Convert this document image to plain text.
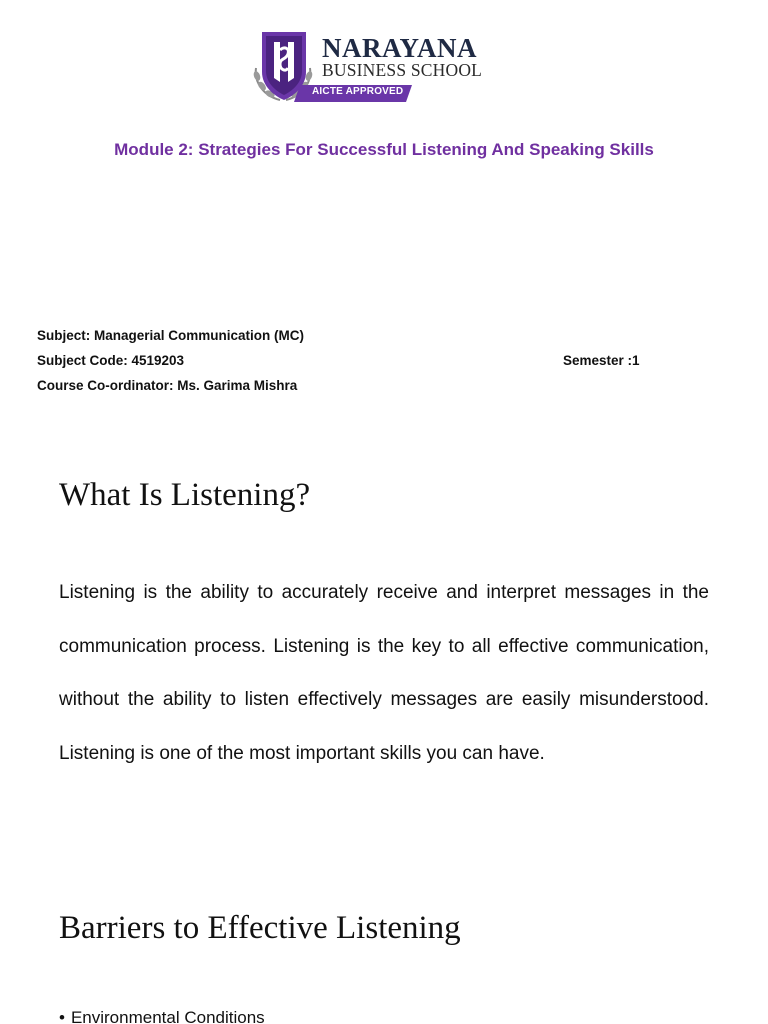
NARAYANA
BUSINESS SCHOOL
AICTE APPROVED
Module 2: Strategies For Successful Listening And Speaking Skills
Subject: Managerial Communication (MC)
Subject Code: 4519203	Semester :1
Course Co-ordinator: Ms. Garima Mishra
What Is Listening?

Listening is the ability to accurately receive and interpret messages in the communication process. Listening is the key to all effective communication, without the ability to listen effectively messages are easily misunderstood. Listening is one of the most important skills you can have.

Barriers to Effective Listening
• Environmental Conditions
